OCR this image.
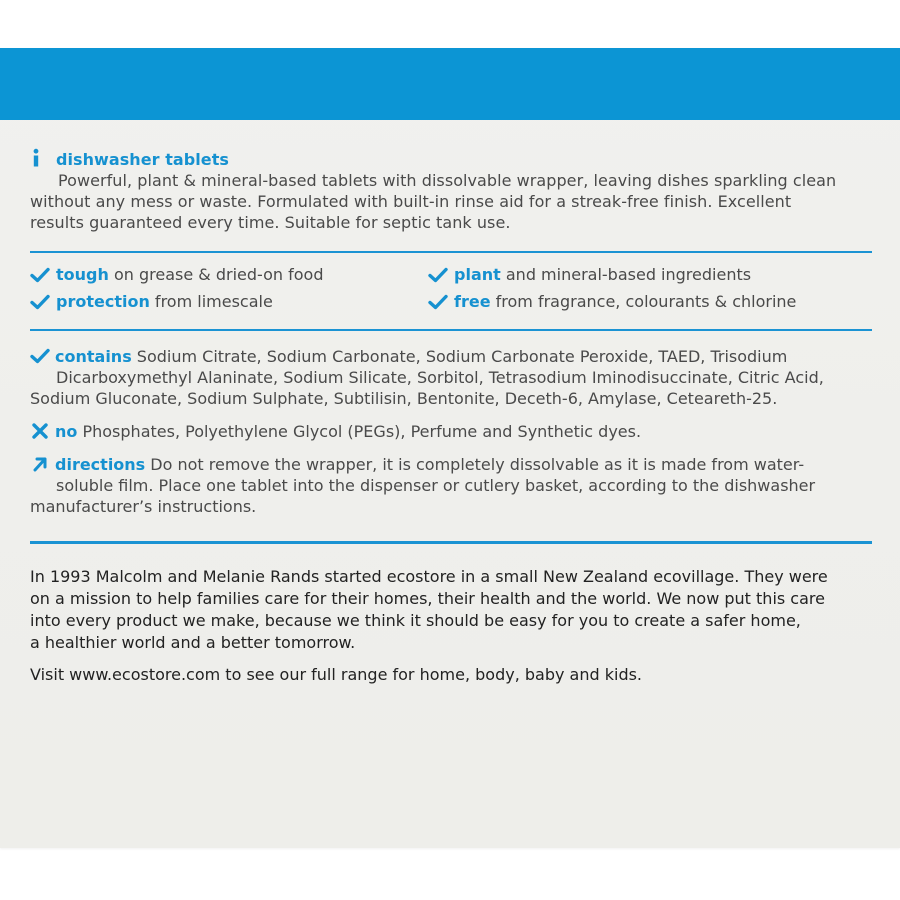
dishwasher tablets
Powerful, plant & mineral-based tablets with dissolvable wrapper, leaving dishes sparkling clean
without any mess or waste. Formulated with built-in rinse aid for a streak-free finish. Excellent
results guaranteed every time. Suitable for septic tank use.
tough on grease & dried-on food	plant and mineral-based ingredients
protection from limescale	free from fragrance, colourants & chlorine
contains Sodium Citrate, Sodium Carbonate, Sodium Carbonate Peroxide, TAED, Trisodium
Dicarboxymethyl Alaninate, Sodium Silicate, Sorbitol, Tetrasodium Iminodisuccinate, Citric Acid,
Sodium Gluconate, Sodium Sulphate, Subtilisin, Bentonite, Deceth-6, Amylase, Ceteareth-25.
no Phosphates, Polyethylene Glycol (PEGs), Perfume and Synthetic dyes.
directions Do not remove the wrapper, it is completely dissolvable as it is made from water-
soluble film. Place one tablet into the dispenser or cutlery basket, according to the dishwasher
manufacturer’s instructions.

In 1993 Malcolm and Melanie Rands started ecostore in a small New Zealand ecovillage. They were

on a mission to help families care for their homes, their health and the world. We now put this care

into every product we make, because we think it should be easy for you to create a safer home,

a healthier world and a better tomorrow.

Visit www.ecostore.com to see our full range for home, body, baby and kids.
